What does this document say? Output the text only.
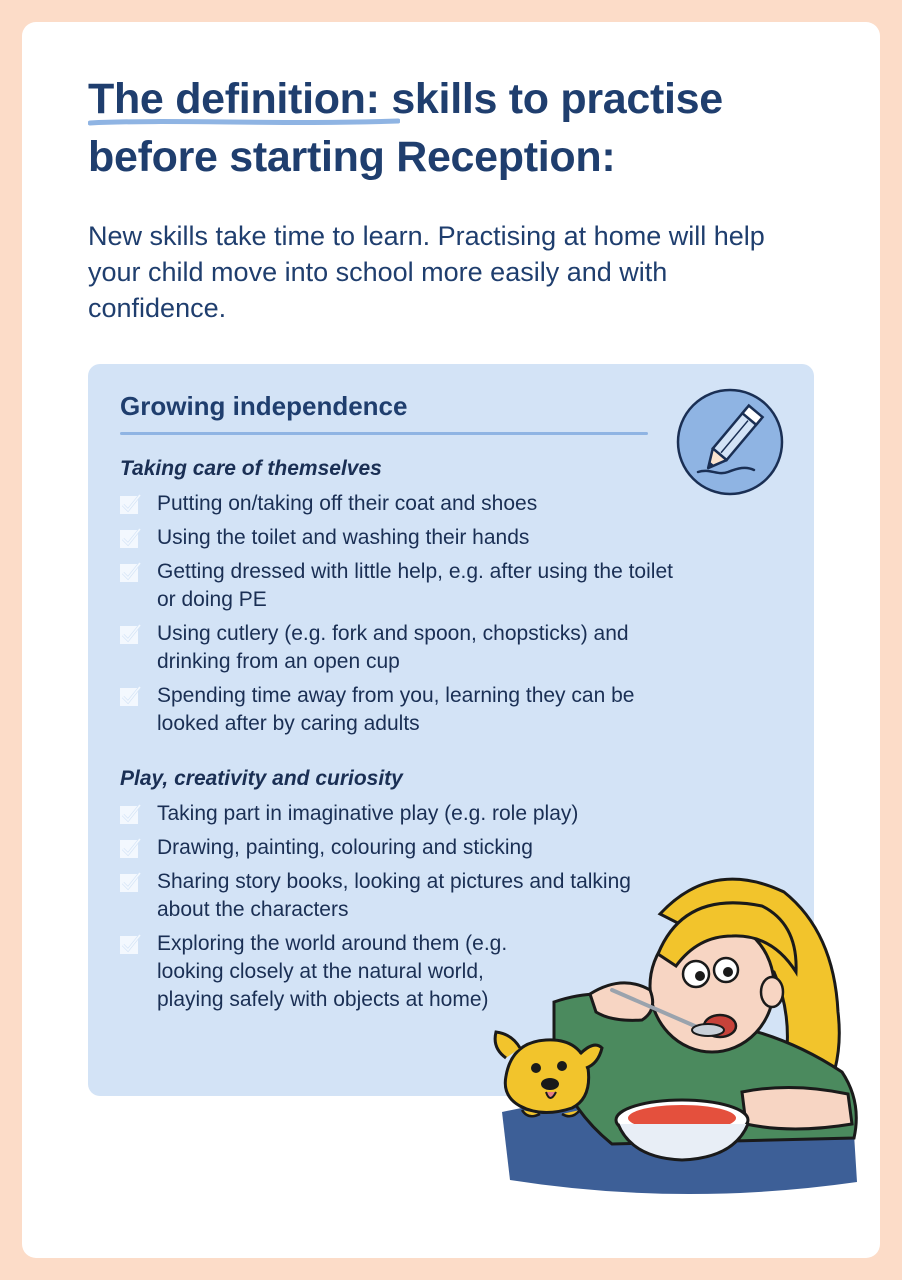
The definition: skills to practise before starting Reception:

New skills take time to learn. Practising at home will help your child move into school more easily and with confidence.

Growing independence
Taking care of themselves
Putting on/taking off their coat and shoes
Using the toilet and washing their hands
Getting dressed with little help, e.g. after using the toilet or doing PE
Using cutlery (e.g. fork and spoon, chopsticks) and drinking from an open cup
Spending time away from you, learning they can be looked after by caring adults
Play, creativity and curiosity
Taking part in imaginative play (e.g. role play)
Drawing, painting, colouring and sticking
Sharing story books, looking at pictures and talking about the characters
Exploring the world around them (e.g. looking closely at the natural world, playing safely with objects at home)
